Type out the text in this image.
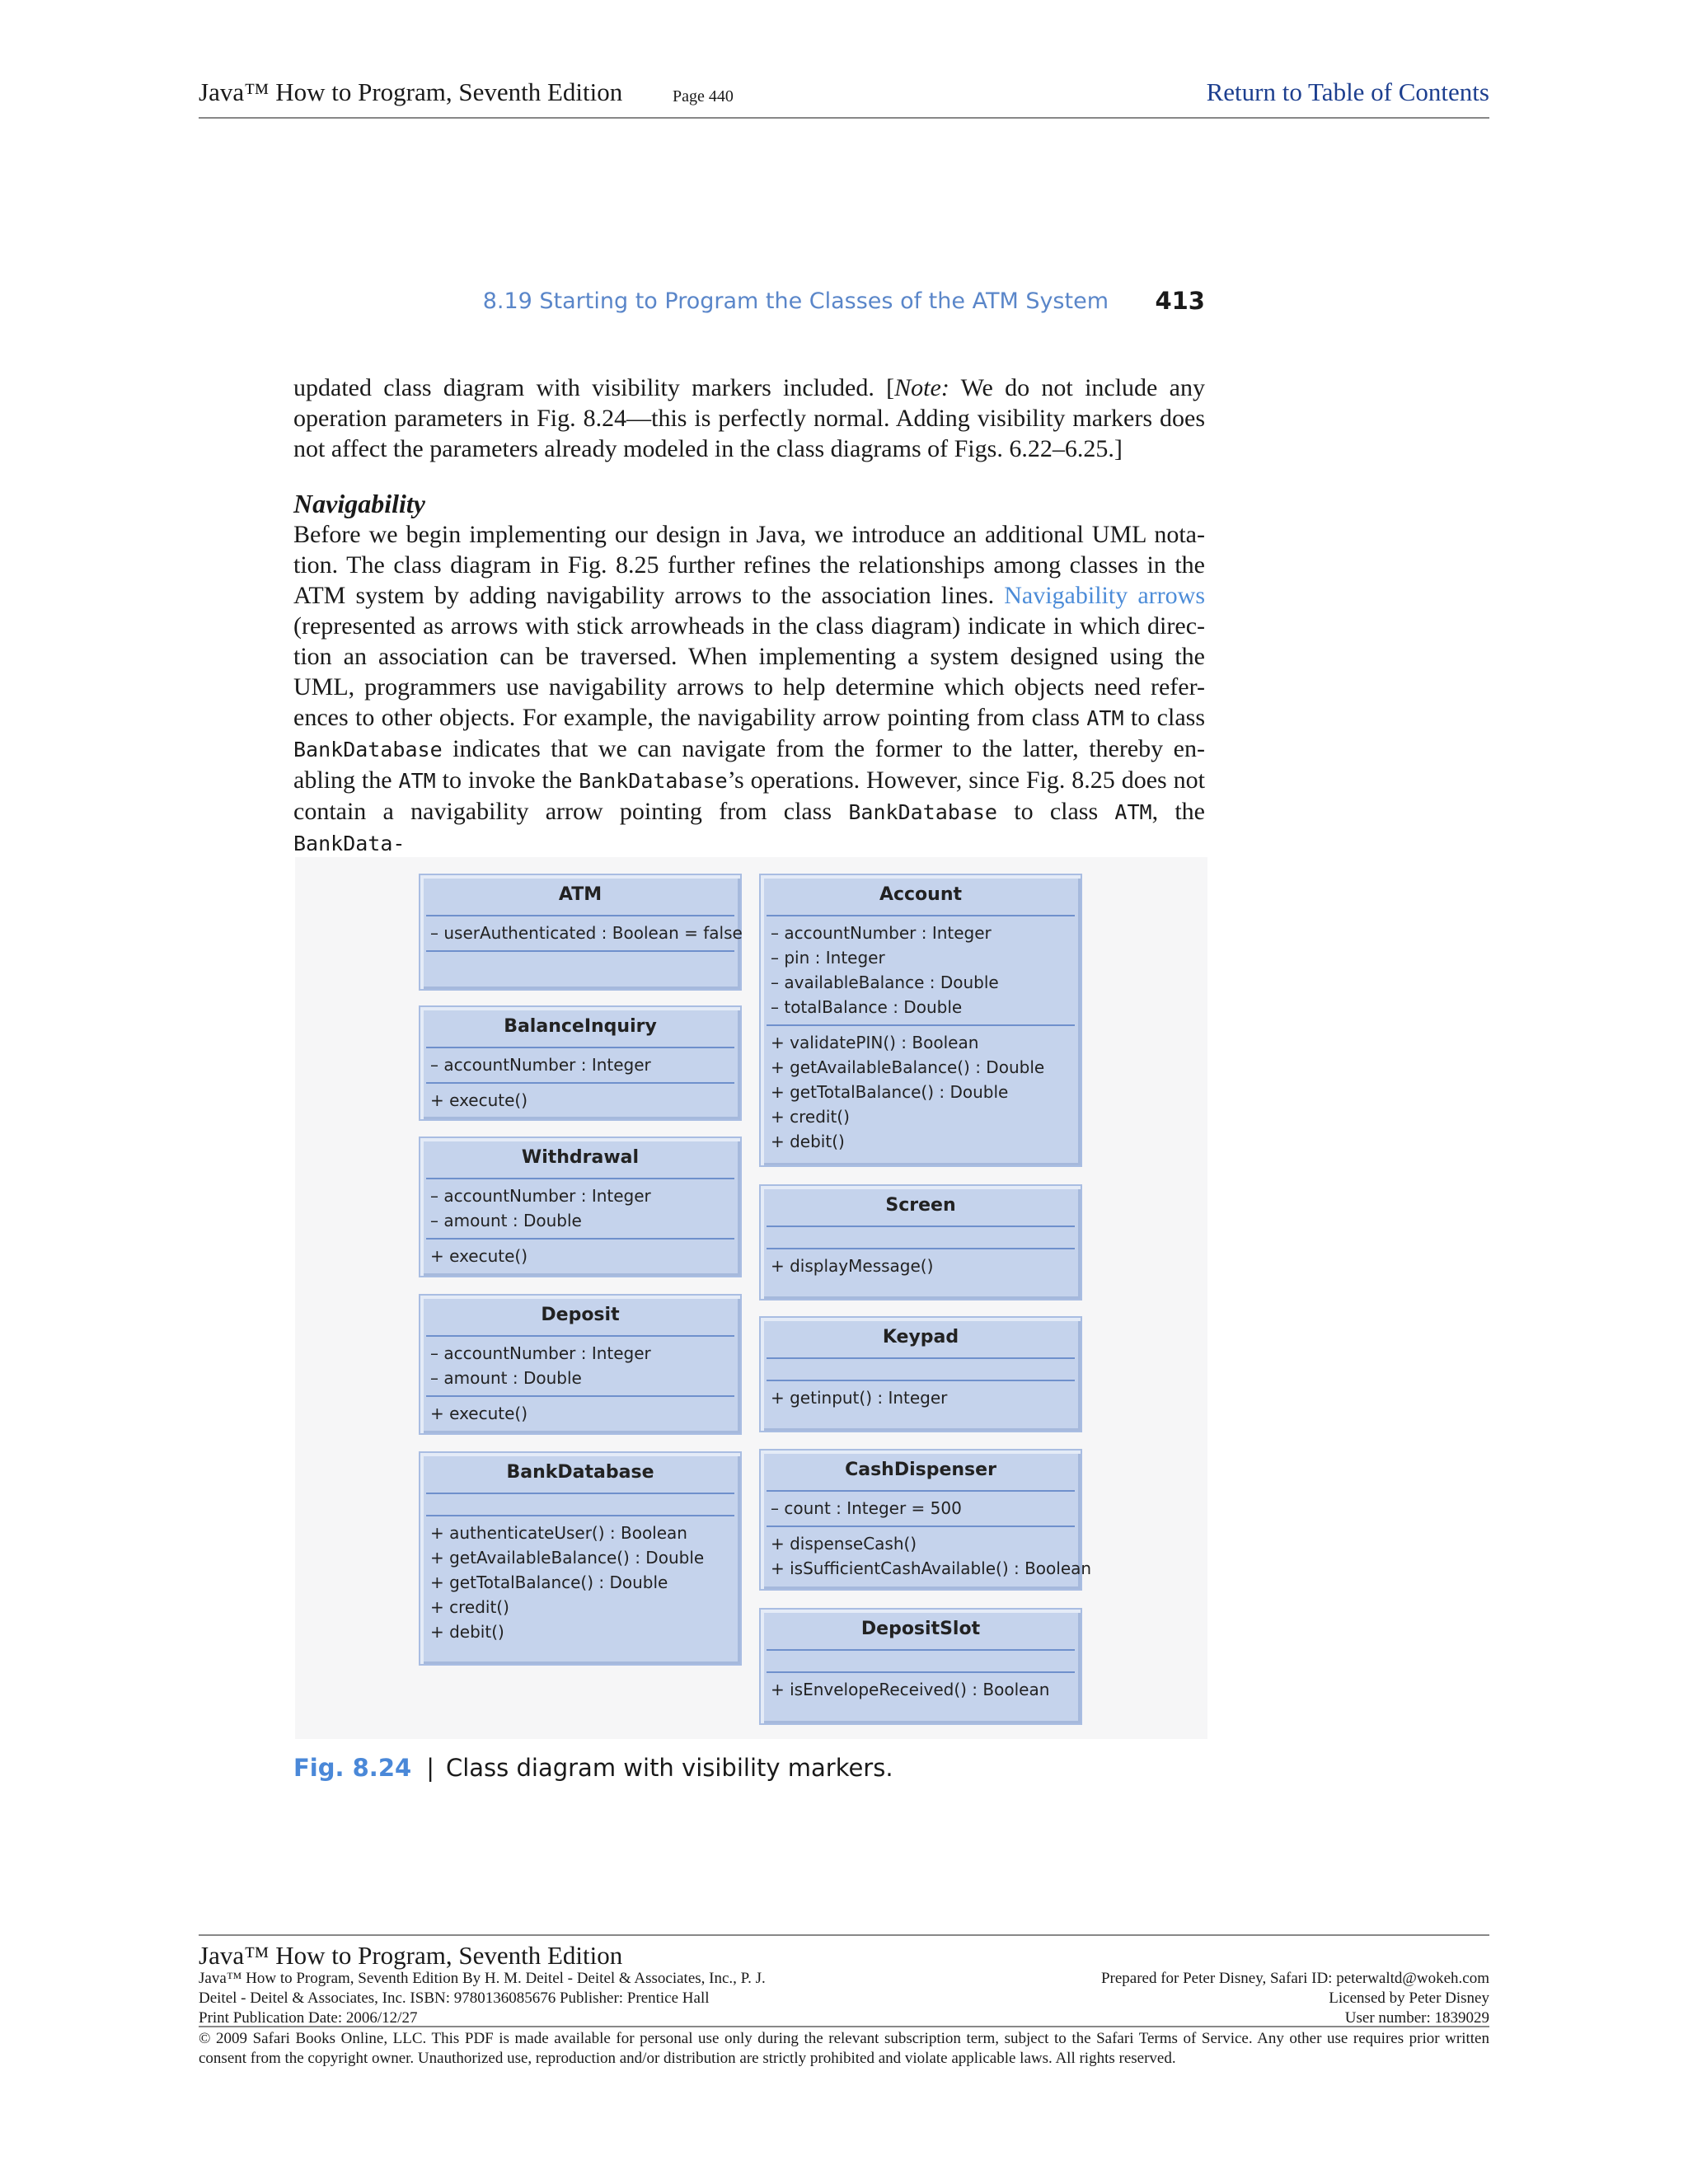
Java™ How to Program, Seventh Edition	Page 440	Return to Table of Contents
8.19 Starting to Program the Classes of the ATM System 413
updated class diagram with visibility markers included. [Note: We do not include any operation parameters in Fig. 8.24—this is perfectly normal. Adding visibility markers does not affect the parameters already modeled in the class diagrams of Figs. 6.22–6.25.]
Navigability
Before we begin implementing our design in Java, we introduce an additional UML nota-tion. The class diagram in Fig. 8.25 further refines the relationships among classes in the ATM system by adding navigability arrows to the association lines. Navigability arrows (represented as arrows with stick arrowheads in the class diagram) indicate in which direc-tion an association can be traversed. When implementing a system designed using the UML, programmers use navigability arrows to help determine which objects need refer-ences to other objects. For example, the navigability arrow pointing from class ATM to class BankDatabase indicates that we can navigate from the former to the latter, thereby en-abling the ATM to invoke the BankDatabase’s operations. However, since Fig. 8.25 does not contain a navigability arrow pointing from class BankDatabase to class ATM, the BankData-
ATM
– userAuthenticated : Boolean = false
BalanceInquiry
– accountNumber : Integer
+ execute()
Withdrawal
– accountNumber : Integer
– amount : Double
+ execute()
Deposit
– accountNumber : Integer
– amount : Double
+ execute()
BankDatabase
+ authenticateUser() : Boolean
+ getAvailableBalance() : Double
+ getTotalBalance() : Double
+ credit()
+ debit()
Account
– accountNumber : Integer
– pin : Integer
– availableBalance : Double
– totalBalance : Double
+ validatePIN() : Boolean
+ getAvailableBalance() : Double
+ getTotalBalance() : Double
+ credit()
+ debit()
Screen
+ displayMessage()
Keypad
+ getinput() : Integer
CashDispenser
– count : Integer = 500
+ dispenseCash()
+ isSufficientCashAvailable() : Boolean
DepositSlot
+ isEnvelopeReceived() : Boolean
Fig. 8.24 | Class diagram with visibility markers.
Java™ How to Program, Seventh Edition
Java™ How to Program, Seventh Edition By H. M. Deitel - Deitel & Associates, Inc., P. J.
Deitel - Deitel & Associates, Inc. ISBN: 9780136085676 Publisher: Prentice Hall
Print Publication Date: 2006/12/27
Prepared for Peter Disney, Safari ID: peterwaltd@wokeh.com
Licensed by Peter Disney
User number: 1839029
© 2009 Safari Books Online, LLC. This PDF is made available for personal use only during the relevant subscription term, subject to the Safari Terms of Service. Any other use requires prior written consent from the copyright owner. Unauthorized use, reproduction and/or distribution are strictly prohibited and violate applicable laws. All rights reserved.
